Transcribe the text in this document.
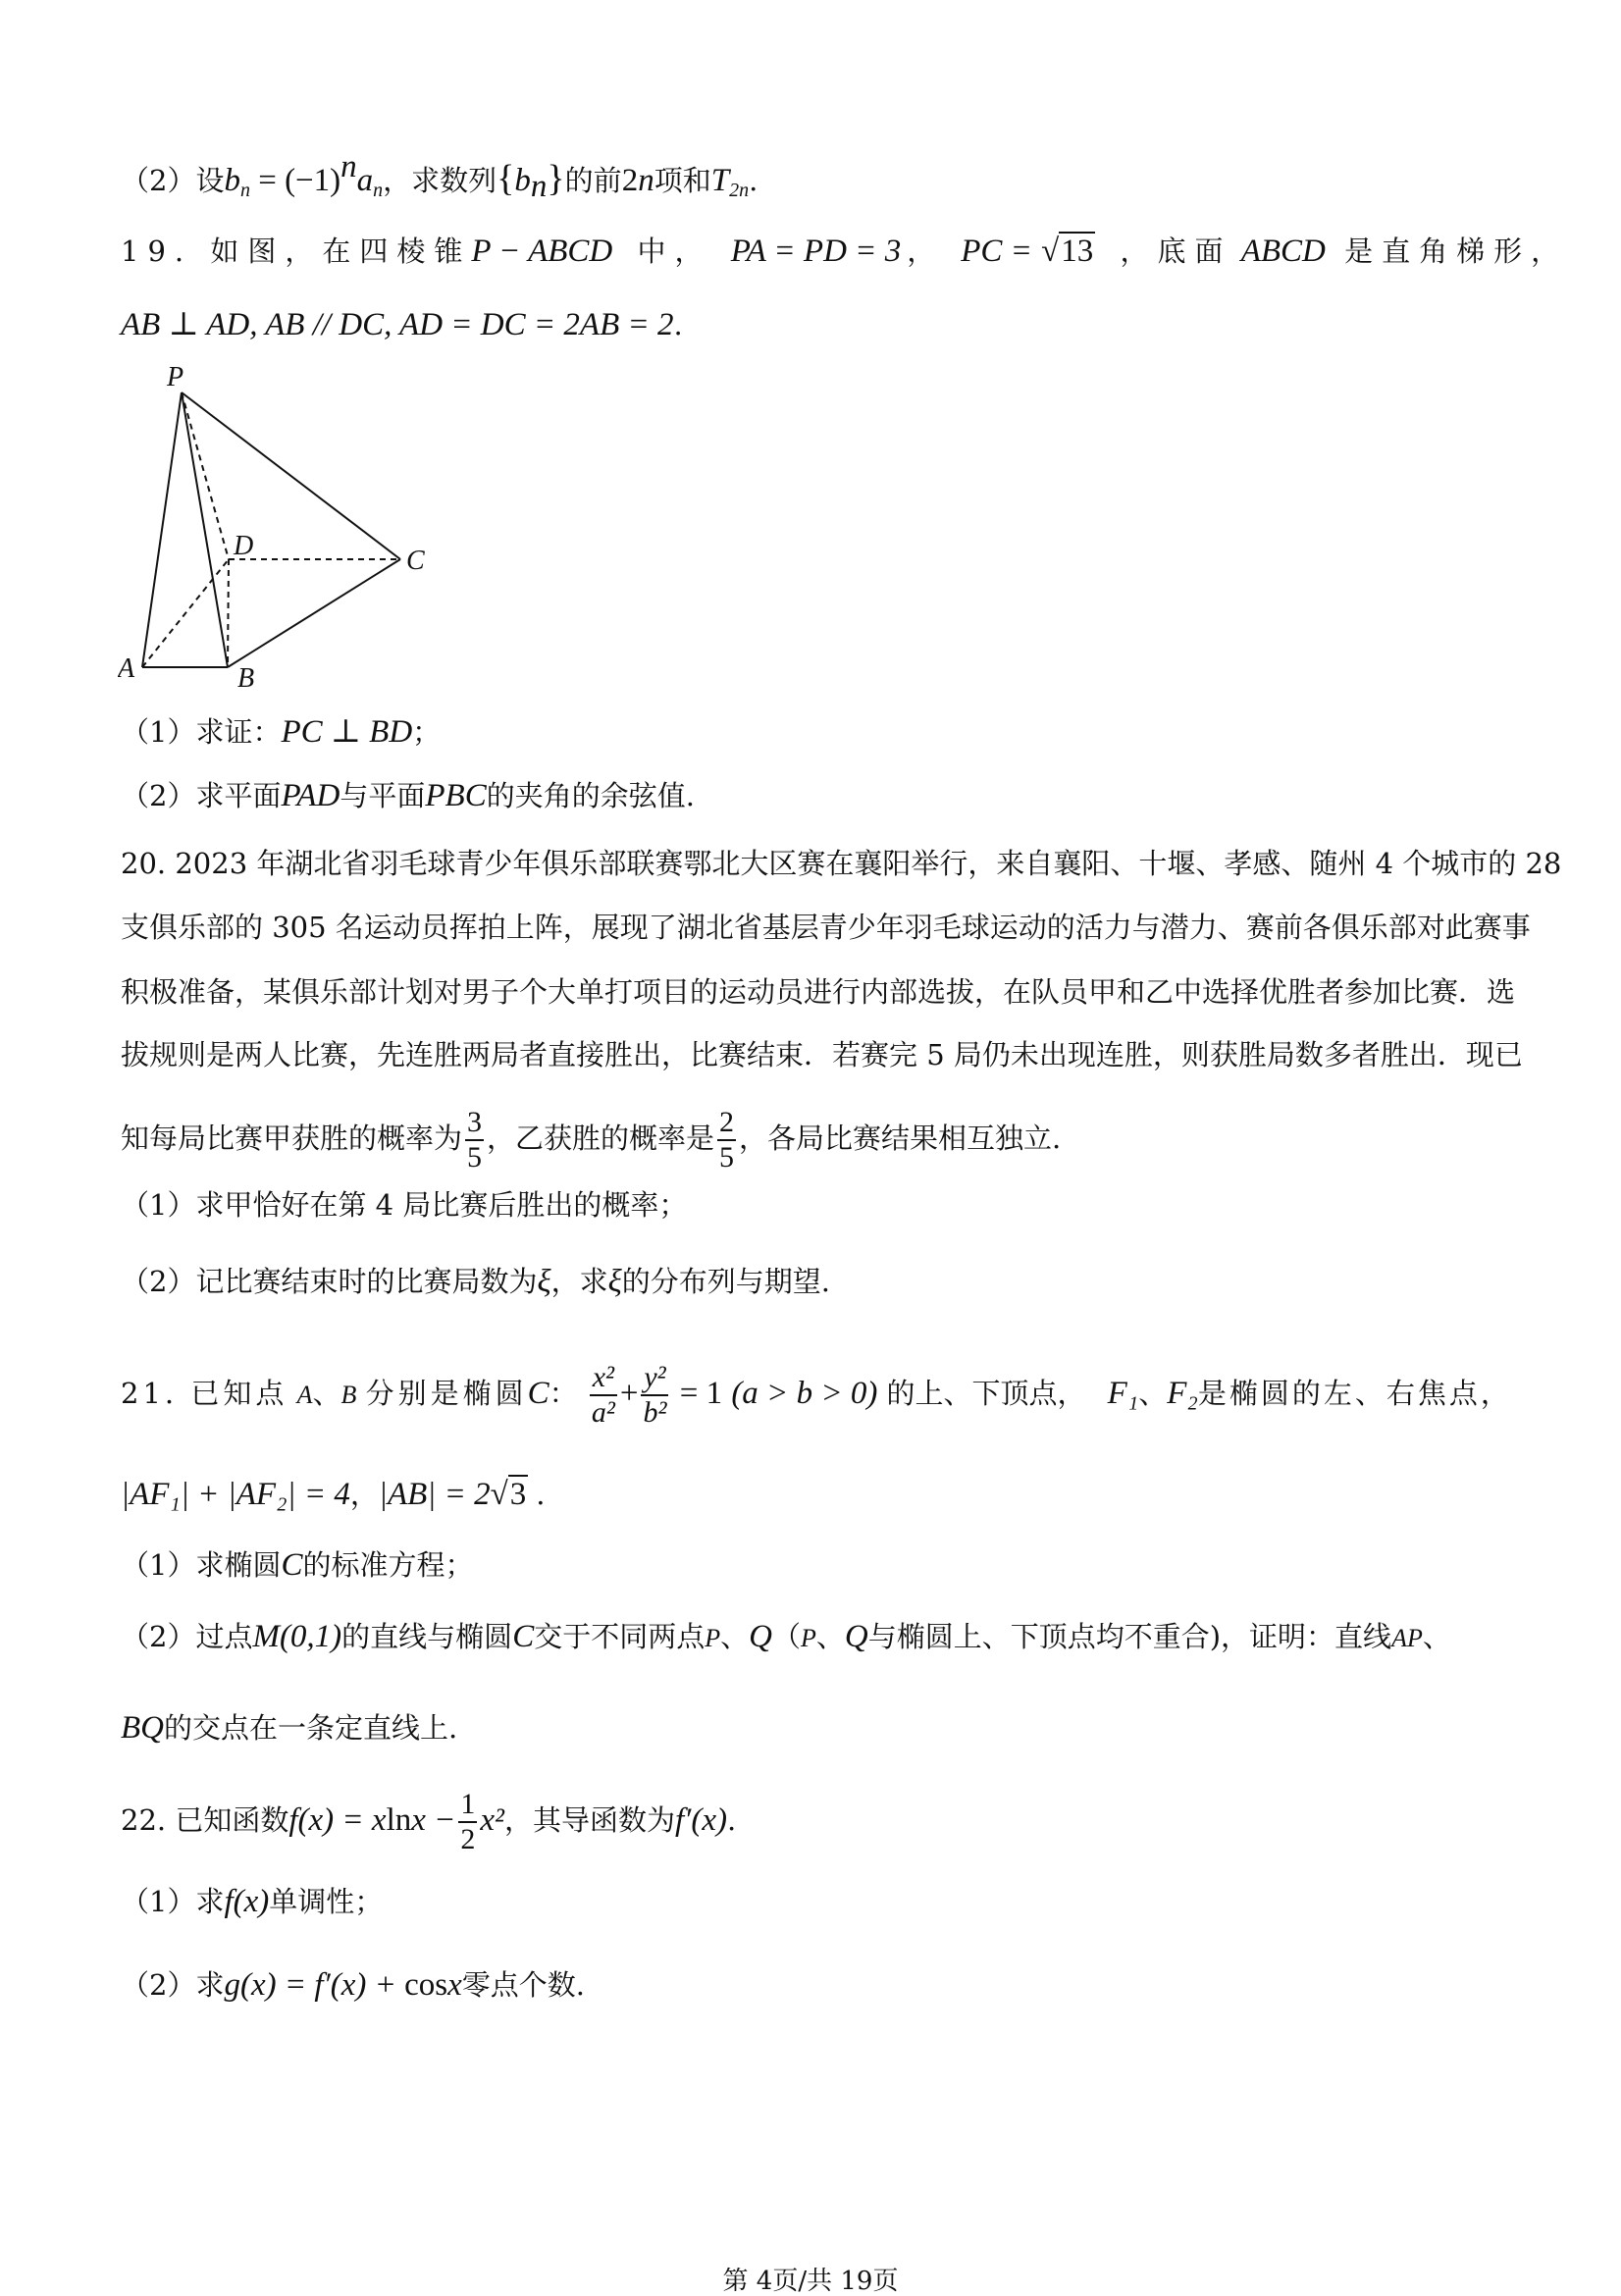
（2）设$b_n = (-1)^na_n$，求数列$\{b_n\}$的前2n项和$T_{2n}$.
19. 如图，在四棱锥P − ABCD 中， PA = PD = 3 ， PC = √13 ，底面 ABCD 是直角梯形，
AB ⊥ AD, AB // DC, AD = DC = 2AB = 2.
P
D	C
A	B
（1）求证：PC ⊥ BD；
（2）求平面PAD与平面PBC的夹角的余弦值.
20. 2023 年湖北省羽毛球青少年俱乐部联赛鄂北大区赛在襄阳举行，来自襄阳、十堰、孝感、随州 4 个城市的 28
支俱乐部的 305 名运动员挥拍上阵，展现了湖北省基层青少年羽毛球运动的活力与潜力、赛前各俱乐部对此赛事
积极准备，某俱乐部计划对男子个大单打项目的运动员进行内部选拔，在队员甲和乙中选择优胜者参加比赛．选
拔规则是两人比赛，先连胜两局者直接胜出，比赛结束．若赛完 5 局仍未出现连胜，则获胜局数多者胜出．现已
知每局比赛甲获胜的概率为 $\frac{3}{5}$ ，乙获胜的概率是 $\frac{2}{5}$ ，各局比赛结果相互独立.
（1）求甲恰好在第 4 局比赛后胜出的概率；
（2）记比赛结束时的比赛局数为ξ，求ξ的分布列与期望.
21. 已知点 A、B 分别是椭圆C： $\frac{\text{x²}}{\text{a²}} + \frac{\text{y²}}{\text{b²}} = 1$ (a > b > 0) 的上、下顶点， F₁、F₂是椭圆的左、右焦点，
|AF₁| + |AF₂| = 4，|AB| = 2√3 .
（1）求椭圆C的标准方程；
（2）过点M(0,1)的直线与椭圆C交于不同两点P、Q（P、Q与椭圆上、下顶点均不重合)，证明：直线AP、
BQ的交点在一条定直线上.
22. 已知函数$f(x) = xlnx - \frac{1}{2} x^2$，其导函数为f′(x).
（1）求f(x)单调性；
（2）求g(x) = f′(x) + cosx零点个数.
第 4页/共 19页
